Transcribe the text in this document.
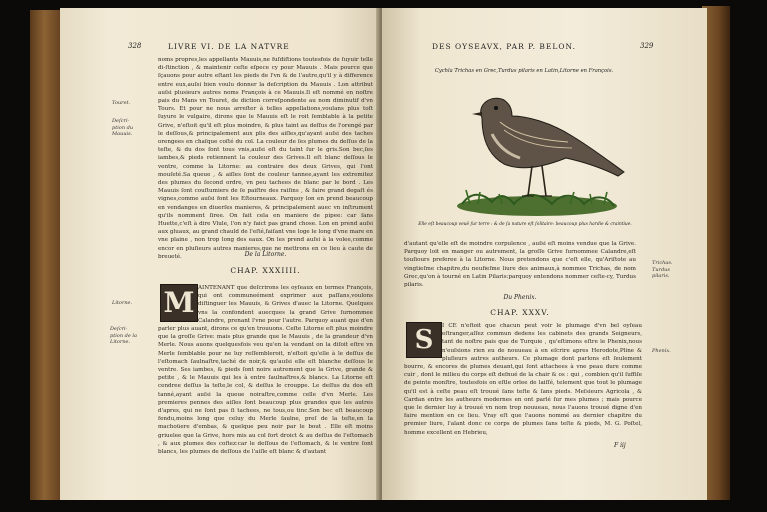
328	LIVRE VI. DE LA NATVRE
Touret.
Deſcri-
ption du
Mauuis.
Litorne.
Deſcri-
ption de la
Litorne.

noms propres,les appellants Mauuis,ne fuſdiſtions toutesfois de ſuyuir telle di-ſtinction , & maintenir ceſte eſpece cy pour Mauuis . Mais pource que ſçauons pour autre eſtant les pieds de l'vn & de l'autre,qu'il y à difference entre eux,auſsi bien voulu donner la deſcription du Mauuis . Lon attribut auſsi plusieurs autres noms François à ce Mauuis.Il eſt nommé en noſtre pais du Mans vn Touret, de diction correſpondente au nom diminutif d'vn Tours. Et pour ne nous arreſter à telles appellations,voulans plus toſt ſuyure le vulgaire, dirons que le Mauuis eſt le roit ſemblable à la petite Grive, n'eſtoit qu'il eſt plus moindre, & plus taint au deſſus de l'orengé par le deſſous,& principalement aux plis des aiſles,qu'ayant auſsi des taches orengees en chaſque coſté du col. La couleur de ſes plumes du deſſus de la teſte, & du dos ſont tous vnis,auſsi eſt du taint ſur le gris.Son bec,ſes iambes,& pieds retiennent la couleur des Grives.Il eſt blanc deſſous le ventre, comme la Litorne: au contraire des deux Grives, qui l'ont mouſeté.Sa queue , & aiſles ſont de couleur tannee,ayant les extremitez des plumes du ſecond ordre, vn peu tachees de blanc par le bord . Les Mauuis ſont couſtumiers de ſe paiſtre des raiſins , & faire grand degaſt és vignes,comme auſsi font les Eſtourneaux. Parquoy lon en prend beaucoup en vendanges en diuerſes manieres, & principalement auec vn inſtrument qu'ils nomment ſiree. On fait cela en maniere de pipee: car ſans Huette,c'eſt à dire Vlule, l'on n'y faict pas grand chose. Lon en prend auſsi aux gluaux, au grand chauld de l'eſté,faiſant vne loge le long d'vne mare en vne plaine , non trop long des eaux. On les prend auſsi à la volee,comme encor en pluſieurs autres manieres,que ne mettrons en ce lieu à caute de breueté.	De la Litorne.
CHAP. XXXIIII.
M AINTENANT que deſcrirons les oyſeaux en termes François, qui ont communeément exprimer aux paſſans,voulons diſtinguer les Mauuis, & Grives d'auec la Litorne. Quelques vns la confondent auecques la grand Grive ſurnommee Calandre, prenant l'vne pour l'autre. Parquoy auant que d'en parler plus auant, dirons ce qu'en trouuons. Ceſte Litorne eſt plus moindre que la groſſe Grive: mais plus grande que le Mauuis , de la grandeur d'vn Merle. Nous auons quelquesfois veu qu'en la vendant on la diſoit eſtre vn Merle ſemblable pour ne luy reſſembleroit, n'eſtoit qu'elle à le deſſus de l'eſtomach ſaulnaſtre,taché de noir,& qu'auſsi elle eſt blanche deſſous le ventre. Ses iambes, & pieds ſont noirs autrement que la Grive, grande & petite , & le Mauuis qui les à entre ſaulnaſtres,& blancs. La Litorne eſt cendree deſſus la teſte,le col, & deſſus le crouppe. Le deſſus du dos eſt tanné,ayant auſsi la queue noiraſtre,comme celle d'vn Merle. Les premieres pennes des aiſles ſont beaucoup plus grandes que les autres d'apres, qui ne ſont pas ſi tachees, ne tous,ou tinc.Son bec eſt beaucoup fendu,moins long que celuy du Merle ſaulne, preſ de la teſte,en la machoüere d'embas, & quelque peu noir par le bout . Elle eſt moins griuelee que la Grive, hors mis au col fort droict & au deſſus de l'eſtomach , & aux plumes des coſtez:car le deſſous de l'eſtomach, & le ventre ſont blancs, les plumes de deſſous de l'aiſle eſt blanc & d'autant

DES OYSEAVX, PAR P. BELON.	329
Cychla Trichas en Grec,Turdus pilaris en Latin,Litorne en François.
Elle eſt beaucoup veuë ſur terre : & de ſa nature eſt ſolitaire: beaucoup plus hardie & craintiue.

d'autant qu'elle eſt de moindre corpulence , auſsi eſt moins vendue que la Grive. Parquoy loit en manger ou autrement, la groſſe Grive ſurnommee Calandre,eſt touſiours preferee à la Litorne. Nous pretendons que c'eſt elle, qu'Ariſtote au vingtieſme chapitre,du neufieſme liure des animaux,à nommee Trichas, de nom Grec,qu'on à tourné en Latin Pilaris:parquoy entendons nommer ceſte-cy, Turdus pilaris.

Trichas.
Turdus
pilaris.
Du Phenix.
CHAP. XXXV.
S	I CE n'eſtoit que chacun peut voir le plumage d'vn bel oyſeau eſtranger,aſſez commun dedens les cabinets des grands Seigneurs, tant de noſtre pais que de Turquie , qu'eſtimons eſtre le Phenix,nous n'euſsions rien eu de nouueau à en eſcrire apres Herodote,Pline & pluſieurs autres autheurs. Ce plumage dont parlons eſt ſeulement bourre, & encores de plumes deuant,qui ſont attachees à vne peau dure comme cuir , dont le milieu du corps eſt deſnué de la chair & os : qui , combien qu'il ſuffiſe de peinte monſtre, toutesfois on eſtle orlee de laiſſé, telement que tout le plumage qu'il est à ceſte peau eſt trouué ſans teſte & ſans pieds. Meſsieurs Agricola , & Cardan entre les autheurs modernes en ont parlé ſur mes plumes ; mais pource que le dernier luy à trouué vn nom trop nouueau, nous l'auons trouué digne d'en faire mention en ce lieu. Vray eſt que l'auons nommé au dernier chapitre du premier liure, l'alant donc ce corps de plumes ſans teſte & pieds, M. G. Poſtel, homme excellent en Hebrieu,

Phenix.
F iij
